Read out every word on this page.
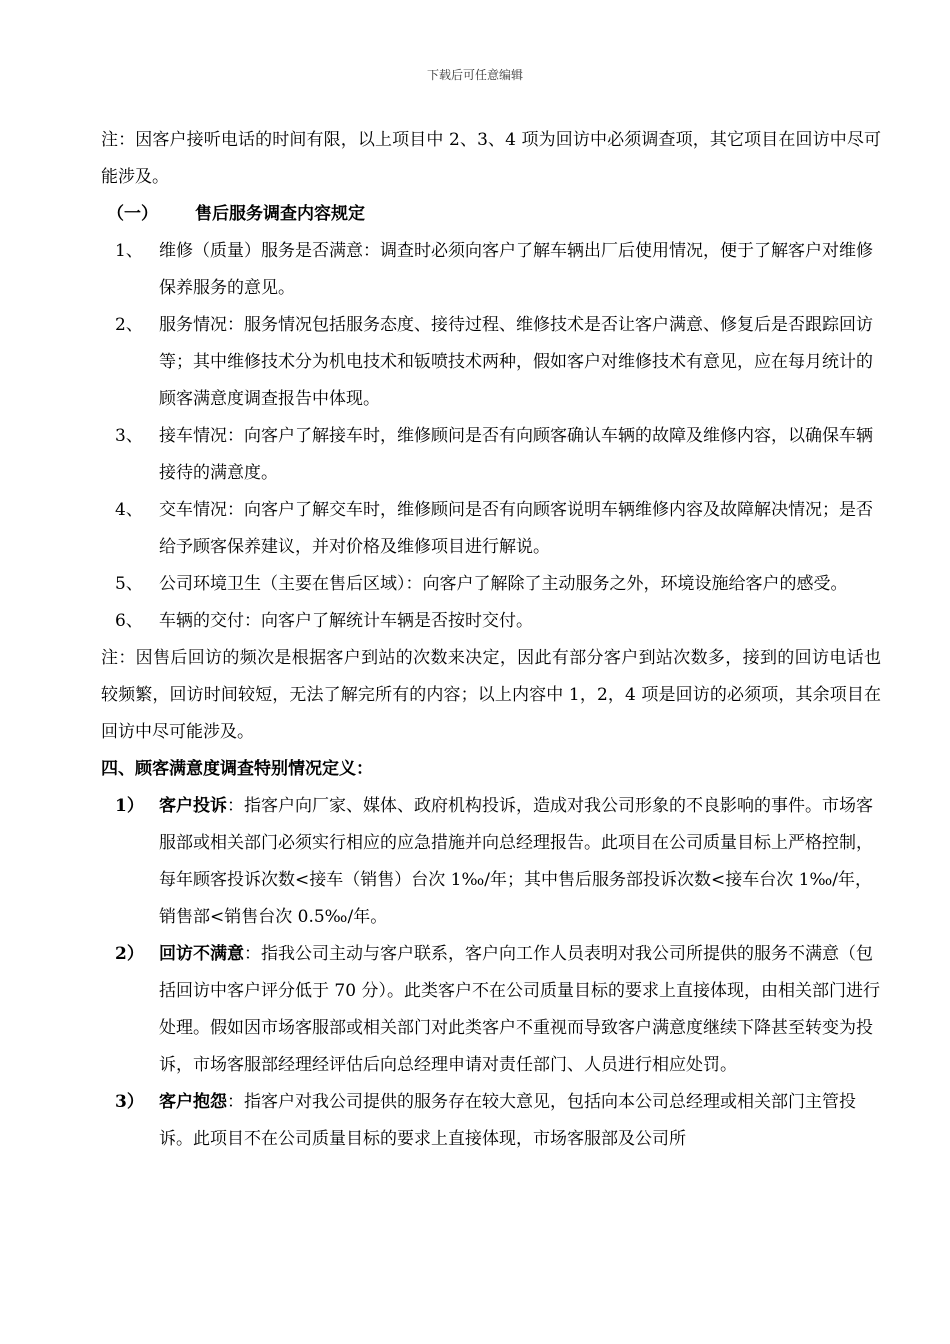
下载后可任意编辑

注：因客户接听电话的时间有限，以上项目中 2、3、4 项为回访中必须调查项，其它项目在回访中尽可能涉及。

（一）	售后服务调查内容规定
1、 维修（质量）服务是否满意：调查时必须向客户了解车辆出厂后使用情况，便于了解客户对维修保养服务的意见。
2、 服务情况：服务情况包括服务态度、接待过程、维修技术是否让客户满意、修复后是否跟踪回访等；其中维修技术分为机电技术和钣喷技术两种，假如客户对维修技术有意见，应在每月统计的顾客满意度调查报告中体现。
3、 接车情况：向客户了解接车时，维修顾问是否有向顾客确认车辆的故障及维修内容，以确保车辆接待的满意度。
4、 交车情况：向客户了解交车时，维修顾问是否有向顾客说明车辆维修内容及故障解决情况；是否给予顾客保养建议，并对价格及维修项目进行解说。
5、 公司环境卫生（主要在售后区域）：向客户了解除了主动服务之外，环境设施给客户的感受。
6、 车辆的交付：向客户了解统计车辆是否按时交付。

注：因售后回访的频次是根据客户到站的次数来决定，因此有部分客户到站次数多，接到的回访电话也较频繁，回访时间较短，无法了解完所有的内容；以上内容中 1，2，4 项是回访的必须项，其余项目在回访中尽可能涉及。

四、顾客满意度调查特别情况定义：

1） 客户投诉：指客户向厂家、媒体、政府机构投诉，造成对我公司形象的不良影响的事件。市场客服部或相关部门必须实行相应的应急措施并向总经理报告。此项目在公司质量目标上严格控制，每年顾客投诉次数<接车（销售）台次 1‰/年；其中售后服务部投诉次数<接车台次 1‰/年，销售部<销售台次 0.5‰/年。
2） 回访不满意：指我公司主动与客户联系，客户向工作人员表明对我公司所提供的服务不满意（包括回访中客户评分低于 70 分）。此类客户不在公司质量目标的要求上直接体现，由相关部门进行处理。假如因市场客服部或相关部门对此类客户不重视而导致客户满意度继续下降甚至转变为投诉，市场客服部经理经评估后向总经理申请对责任部门、人员进行相应处罚。
3） 客户抱怨：指客户对我公司提供的服务存在较大意见，包括向本公司总经理或相关部门主管投诉。此项目不在公司质量目标的要求上直接体现，市场客服部及公司所
